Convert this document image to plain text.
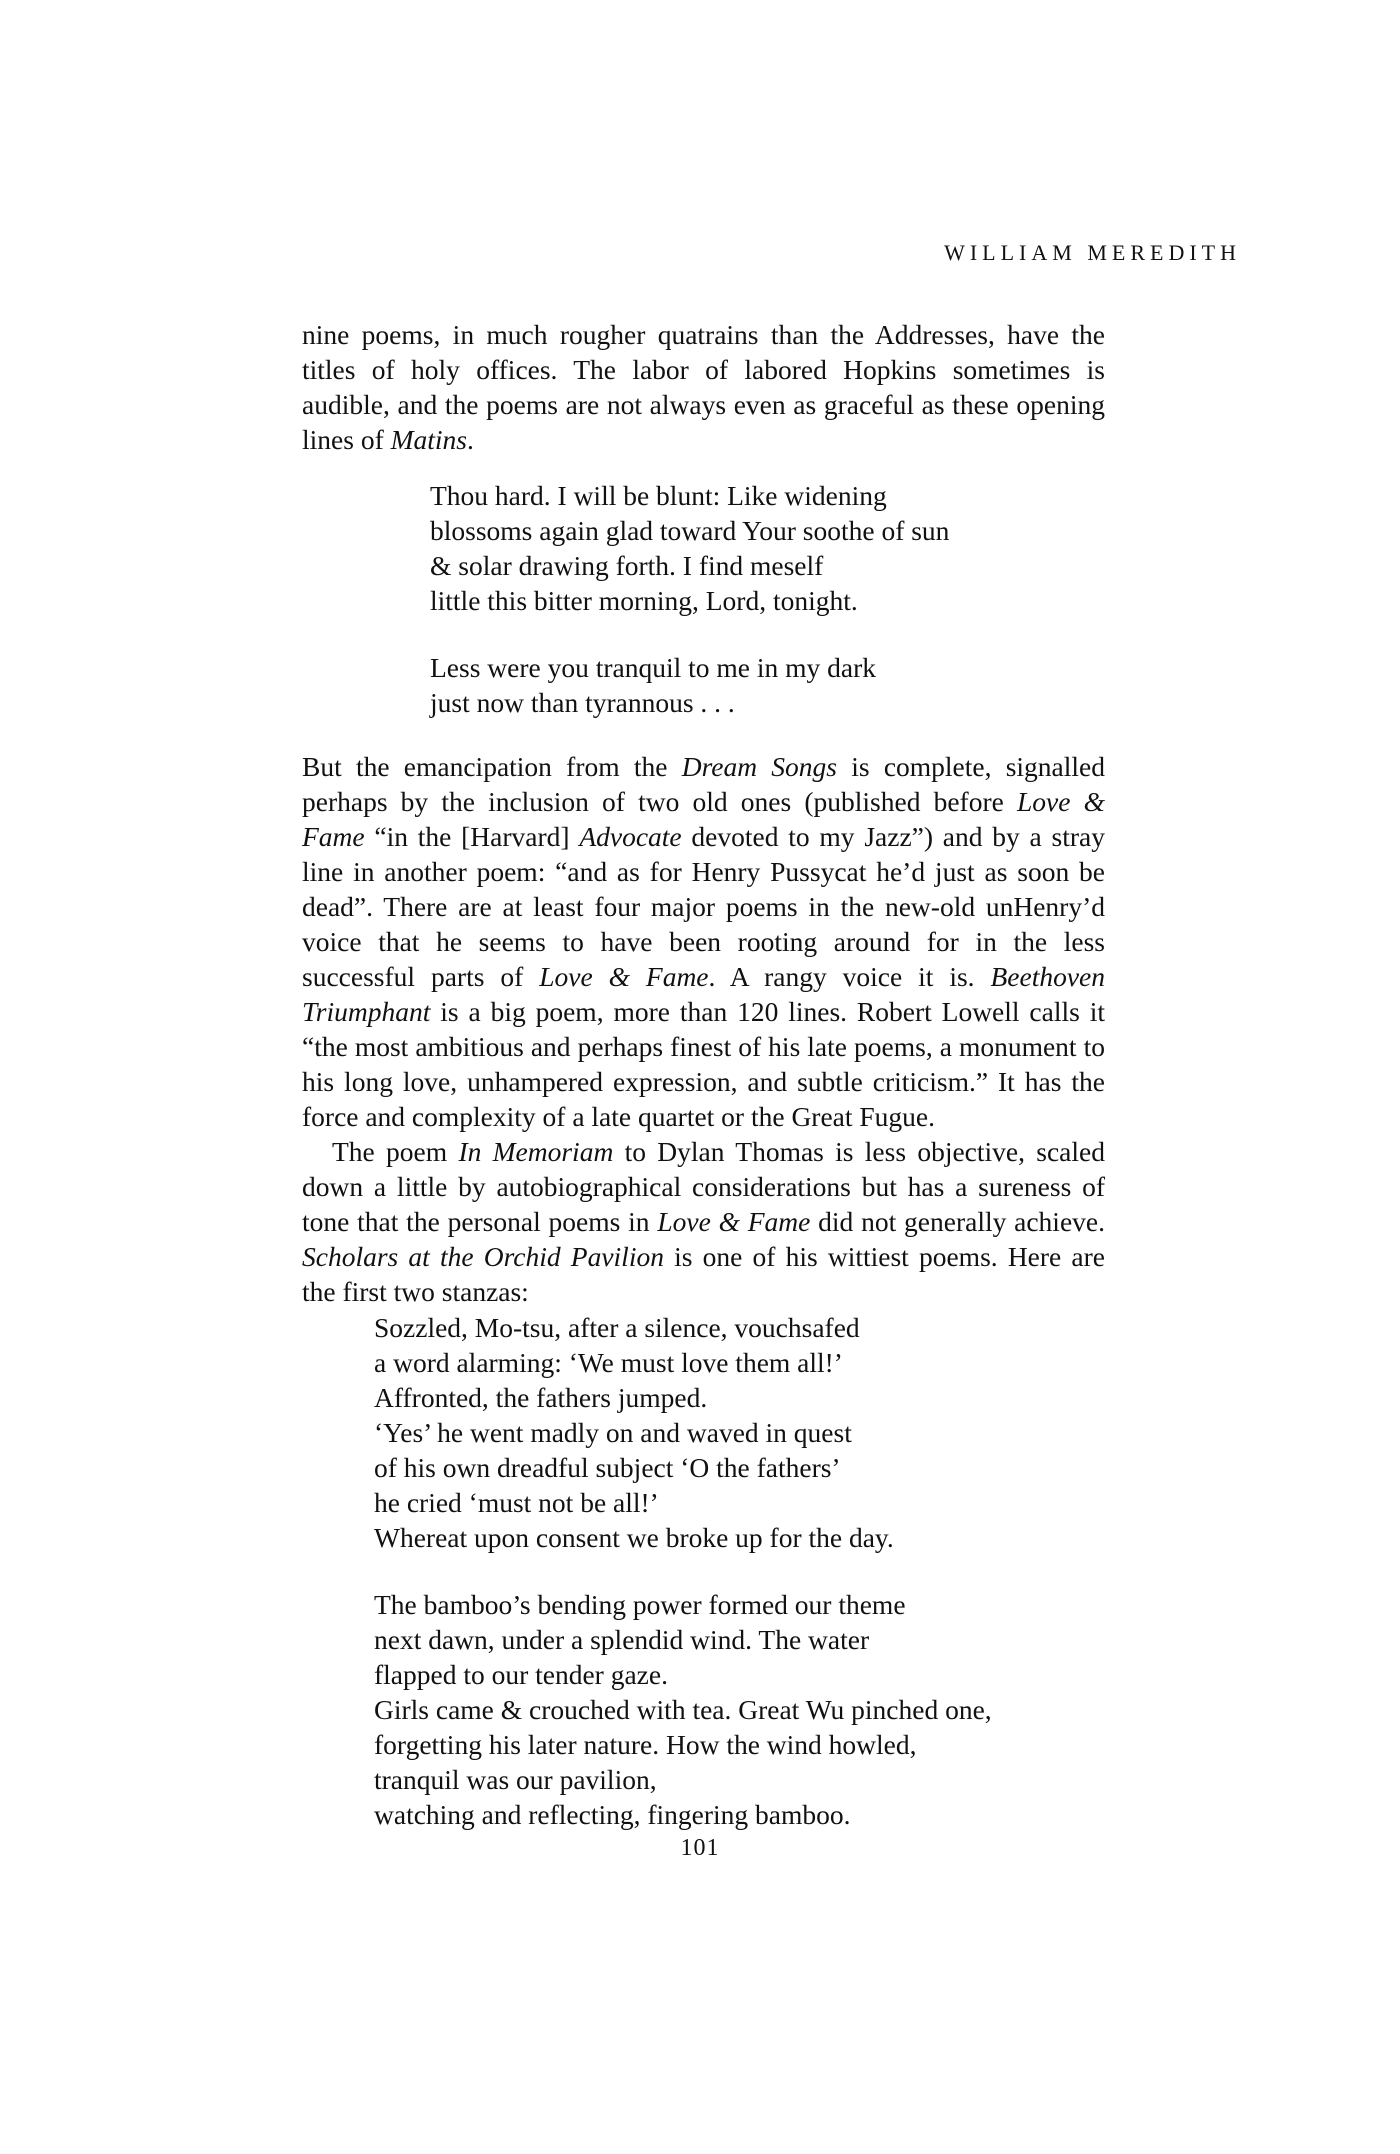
WILLIAM MEREDITH

nine poems, in much rougher quatrains than the Addresses, have the titles of holy offices. The labor of labored Hopkins sometimes is audible, and the poems are not always even as graceful as these opening lines of Matins.

Thou hard. I will be blunt: Like widening
blossoms again glad toward Your soothe of sun
& solar drawing forth. I find meself
little this bitter morning, Lord, tonight.
Less were you tranquil to me in my dark
just now than tyrannous . . .

But the emancipation from the Dream Songs is complete, signalled perhaps by the inclusion of two old ones (published before Love & Fame “in the [Harvard] Advocate devoted to my Jazz”) and by a stray line in another poem: “and as for Henry Pussycat he’d just as soon be dead”. There are at least four major poems in the new-old unHenry’d voice that he seems to have been rooting around for in the less successful parts of Love & Fame. A rangy voice it is. Beethoven Triumphant is a big poem, more than 120 lines. Robert Lowell calls it “the most ambitious and perhaps finest of his late poems, a monument to his long love, unhampered expression, and subtle criticism.” It has the force and complexity of a late quartet or the Great Fugue.

The poem In Memoriam to Dylan Thomas is less objective, scaled down a little by autobiographical considerations but has a sureness of tone that the personal poems in Love & Fame did not generally achieve. Scholars at the Orchid Pavilion is one of his wittiest poems. Here are the first two stanzas:

Sozzled, Mo-tsu, after a silence, vouchsafed
a word alarming: ‘We must love them all!’
Affronted, the fathers jumped.
‘Yes’ he went madly on and waved in quest
of his own dreadful subject ‘O the fathers’
he cried ‘must not be all!’
Whereat upon consent we broke up for the day.
The bamboo’s bending power formed our theme
next dawn, under a splendid wind. The water
flapped to our tender gaze.
Girls came & crouched with tea. Great Wu pinched one,
forgetting his later nature. How the wind howled,
tranquil was our pavilion,
watching and reflecting, fingering bamboo.
101
